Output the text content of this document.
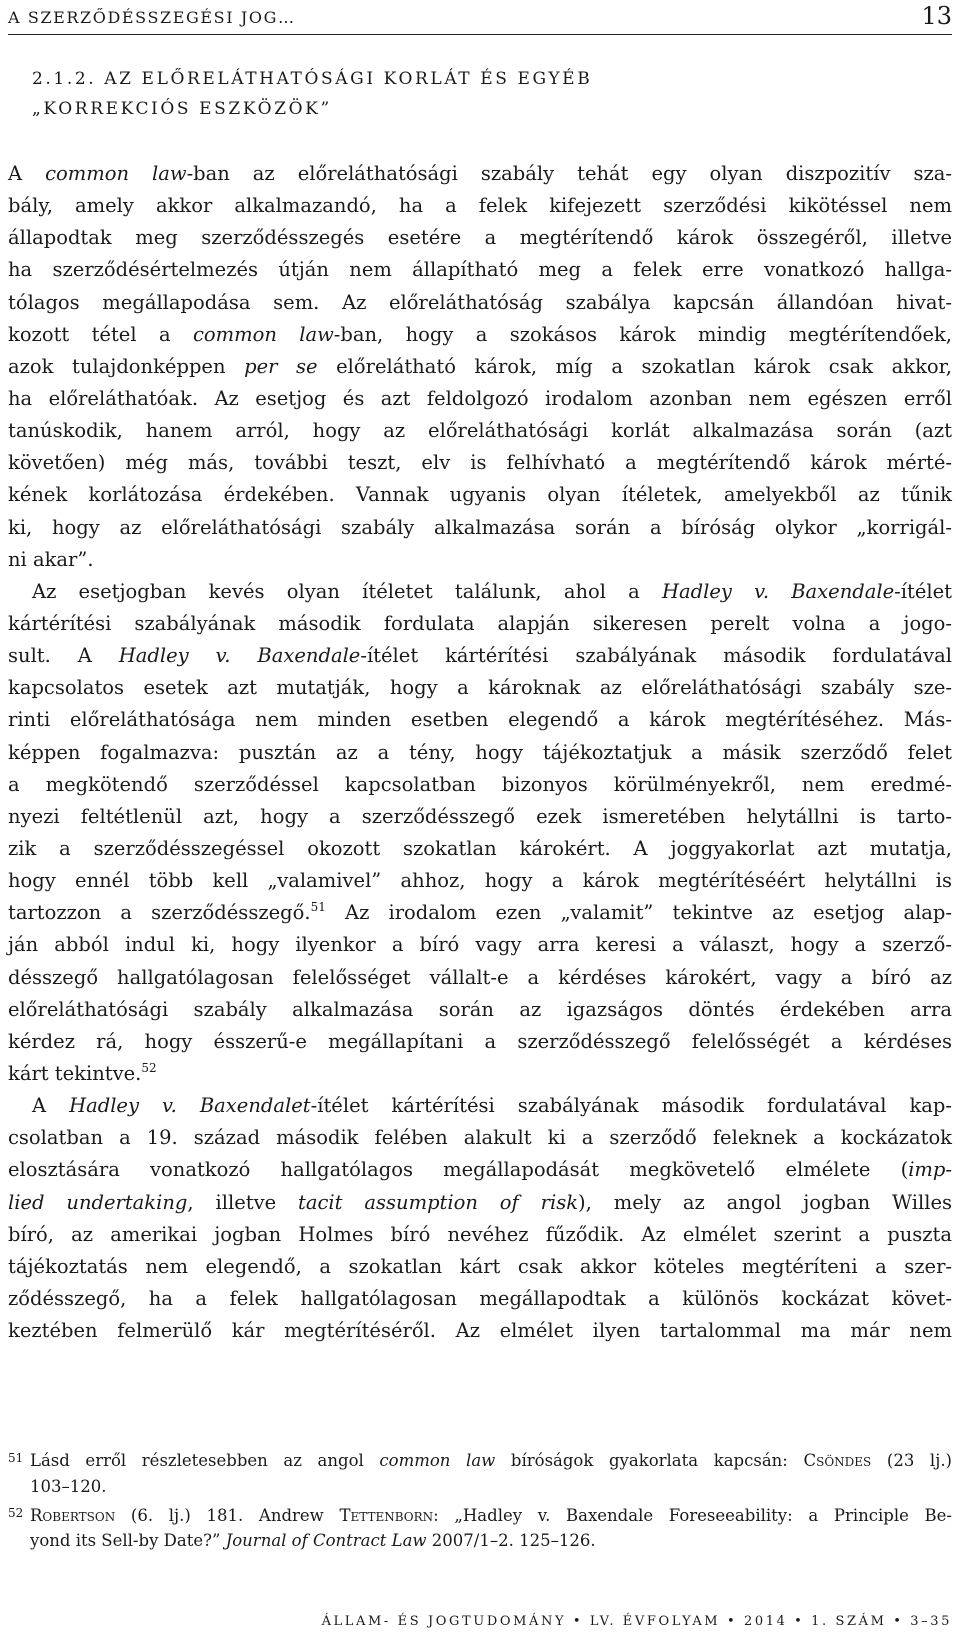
A SZERZŐDÉSSZEGÉSI JOG…	13
2.1.2. AZ ELŐRELÁTHATÓSÁGI KORLÁT ÉS EGYÉB
„KORREKCIÓS ESZKÖZÖK”
A common law-ban az előreláthatósági szabály tehát egy olyan diszpozitív sza-
bály, amely akkor alkalmazandó, ha a felek kifejezett szerződési kikötéssel nem
állapodtak meg szerződésszegés esetére a megtérítendő károk összegéről, illetve
ha szerződésértelmezés útján nem állapítható meg a felek erre vonatkozó hallga-
tólagos megállapodása sem. Az előreláthatóság szabálya kapcsán állandóan hivat-
kozott tétel a common law-ban, hogy a szokásos károk mindig megtérítendőek,
azok tulajdonképpen per se előrelátható károk, míg a szokatlan károk csak akkor,
ha előreláthatóak. Az esetjog és azt feldolgozó irodalom azonban nem egészen erről
tanúskodik, hanem arról, hogy az előreláthatósági korlát alkalmazása során (azt
követően) még más, további teszt, elv is felhívható a megtérítendő károk mérté-
kének korlátozása érdekében. Vannak ugyanis olyan ítéletek, amelyekből az tűnik
ki, hogy az előreláthatósági szabály alkalmazása során a bíróság olykor „korrigál-
ni akar”.
Az esetjogban kevés olyan ítéletet találunk, ahol a Hadley v. Baxendale-ítélet
kártérítési szabályának második fordulata alapján sikeresen perelt volna a jogo-
sult. A Hadley v. Baxendale-ítélet kártérítési szabályának második fordulatával
kapcsolatos esetek azt mutatják, hogy a károknak az előreláthatósági szabály sze-
rinti előreláthatósága nem minden esetben elegendő a károk megtérítéséhez. Más-
képpen fogalmazva: pusztán az a tény, hogy tájékoztatjuk a másik szerződő felet
a megkötendő szerződéssel kapcsolatban bizonyos körülményekről, nem eredmé-
nyezi feltétlenül azt, hogy a szerződésszegő ezek ismeretében helytállni is tarto-
zik a szerződésszegéssel okozott szokatlan károkért. A joggyakorlat azt mutatja,
hogy ennél több kell „valamivel” ahhoz, hogy a károk megtérítéséért helytállni is
tartozzon a szerződésszegő.$^{51}$ Az irodalom ezen „valamit” tekintve az esetjog alap-
ján abból indul ki, hogy ilyenkor a bíró vagy arra keresi a választ, hogy a szerző-
désszegő hallgatólagosan felelősséget vállalt-e a kérdéses károkért, vagy a bíró az
előreláthatósági szabály alkalmazása során az igazságos döntés érdekében arra
kérdez rá, hogy ésszerű-e megállapítani a szerződésszegő felelősségét a kérdéses
kárt tekintve.$^{52}$
A Hadley v. Baxendalet-ítélet kártérítési szabályának második fordulatával kap-
csolatban a 19. század második felében alakult ki a szerződő feleknek a kockázatok
elosztására vonatkozó hallgatólagos megállapodását megkövetelő elmélete (imp-
lied undertaking, illetve tacit assumption of risk), mely az angol jogban Willes
bíró, az amerikai jogban Holmes bíró nevéhez fűződik. Az elmélet szerint a puszta
tájékoztatás nem elegendő, a szokatlan kárt csak akkor köteles megtéríteni a szer-
ződésszegő, ha a felek hallgatólagosan megállapodtak a különös kockázat követ-
keztében felmerülő kár megtérítéséről. Az elmélet ilyen tartalommal ma már nem
51 Lásd erről részletesebben az angol common law bíróságok gyakorlata kapcsán: Csöndes (23 lj.)
103–120.
52 Robertson (6. lj.) 181. Andrew Tettenborn: „Hadley v. Baxendale Foreseeability: a Principle Be-
yond its Sell-by Date?” Journal of Contract Law 2007/1–2. 125–126.
ÁLLAM- ÉS JOGTUDOMÁNY • LV. ÉVFOLYAM • 2014 • 1. SZÁM • 3–35
